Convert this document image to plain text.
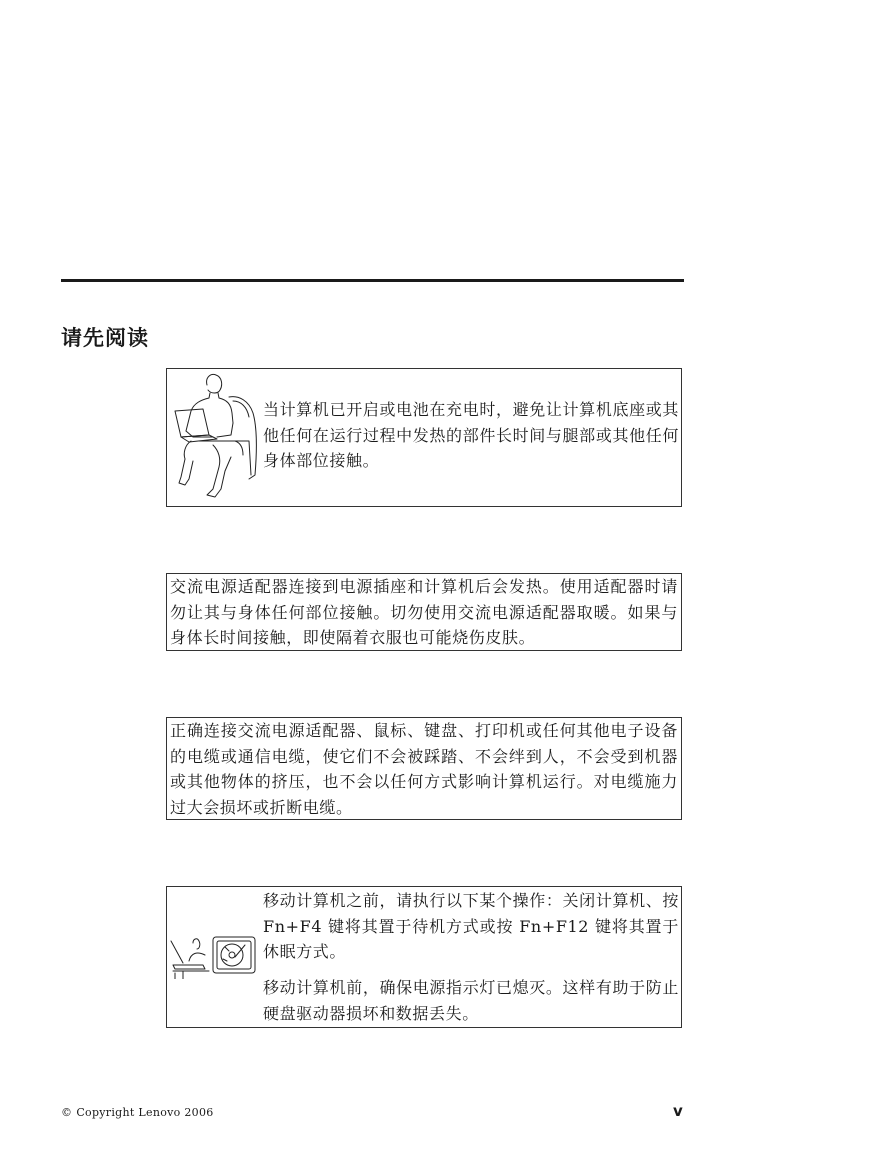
请先阅读

当计算机已开启或电池在充电时，避免让计算机底座或其他任何在运行过程中发热的部件长时间与腿部或其他任何身体部位接触。

交流电源适配器连接到电源插座和计算机后会发热。使用适配器时请勿让其与身体任何部位接触。切勿使用交流电源适配器取暖。如果与身体长时间接触，即使隔着衣服也可能烧伤皮肤。

正确连接交流电源适配器、鼠标、键盘、打印机或任何其他电子设备的电缆或通信电缆，使它们不会被踩踏、不会绊到人，不会受到机器或其他物体的挤压，也不会以任何方式影响计算机运行。对电缆施力过大会损坏或折断电缆。

移动计算机之前，请执行以下某个操作：关闭计算机、按 Fn+F4 键将其置于待机方式或按 Fn+F12 键将其置于休眠方式。

移动计算机前，确保电源指示灯已熄灭。这样有助于防止硬盘驱动器损坏和数据丢失。

© Copyright Lenovo 2006	v
